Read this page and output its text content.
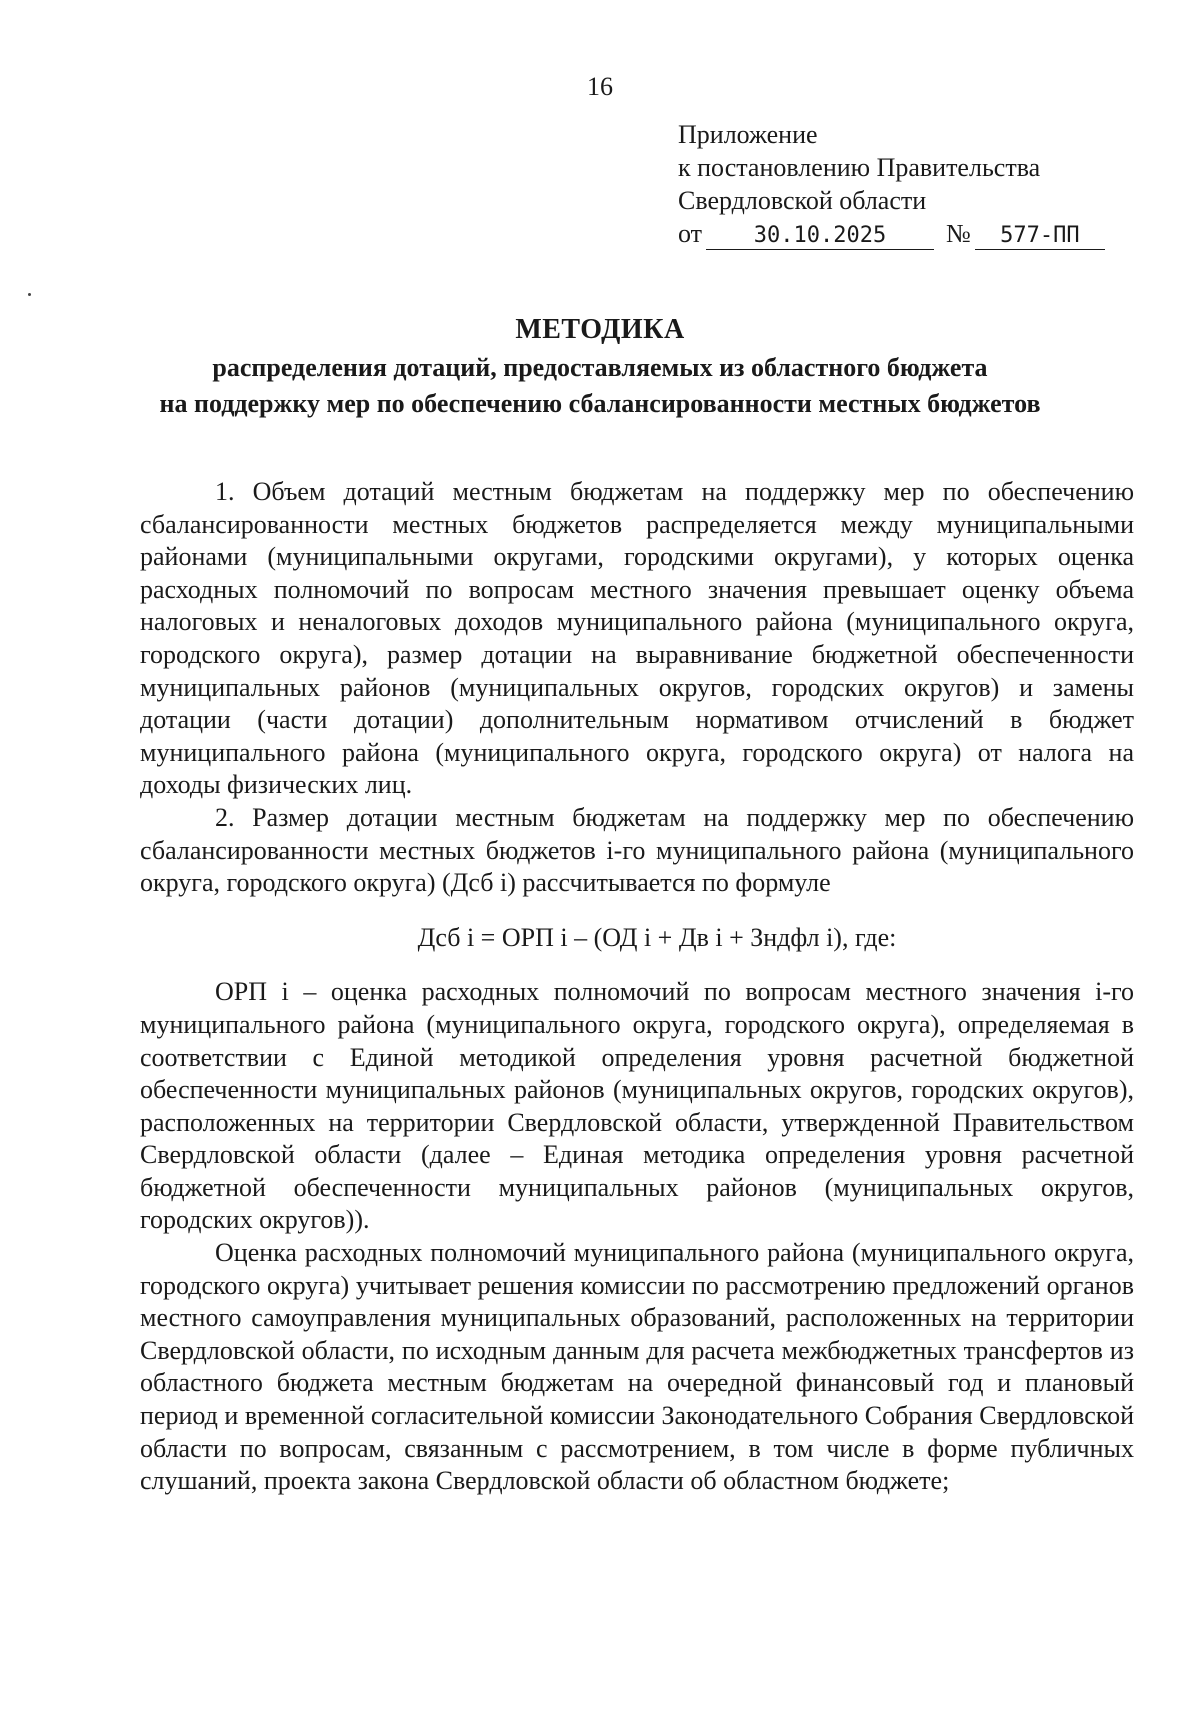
16
Приложение
к постановлению Правительства
Свердловской области
от 30.10.2025 № 577-ПП
МЕТОДИКА
распределения дотаций, предоставляемых из областного бюджета
на поддержку мер по обеспечению сбалансированности местных бюджетов

1. Объем дотаций местным бюджетам на поддержку мер по обеспечению сбалансированности местных бюджетов распределяется между муниципальными районами (муниципальными округами, городскими округами), у которых оценка расходных полномочий по вопросам местного значения превышает оценку объема налоговых и неналоговых доходов муниципального района (муниципального округа, городского округа), размер дотации на выравнивание бюджетной обеспеченности муниципальных районов (муниципальных округов, городских округов) и замены дотации (части дотации) дополнительным нормативом отчислений в бюджет муниципального района (муниципального округа, городского округа) от налога на доходы физических лиц.

2. Размер дотации местным бюджетам на поддержку мер по обеспечению сбалансированности местных бюджетов i-го муниципального района (муниципального округа, городского округа) (Дсб i) рассчитывается по формуле

Дсб i = ОРП i – (ОД i + Дв i + Зндфл i), где:

ОРП i – оценка расходных полномочий по вопросам местного значения i-го муниципального района (муниципального округа, городского округа), определяемая в соответствии с Единой методикой определения уровня расчетной бюджетной обеспеченности муниципальных районов (муниципальных округов, городских округов), расположенных на территории Свердловской области, утвержденной Правительством Свердловской области (далее – Единая методика определения уровня расчетной бюджетной обеспеченности муниципальных районов (муниципальных округов, городских округов)).

Оценка расходных полномочий муниципального района (муниципального округа, городского округа) учитывает решения комиссии по рассмотрению предложений органов местного самоуправления муниципальных образований, расположенных на территории Свердловской области, по исходным данным для расчета межбюджетных трансфертов из областного бюджета местным бюджетам на очередной финансовый год и плановый период и временной согласительной комиссии Законодательного Собрания Свердловской области по вопросам, связанным с рассмотрением, в том числе в форме публичных слушаний, проекта закона Свердловской области об областном бюджете;
